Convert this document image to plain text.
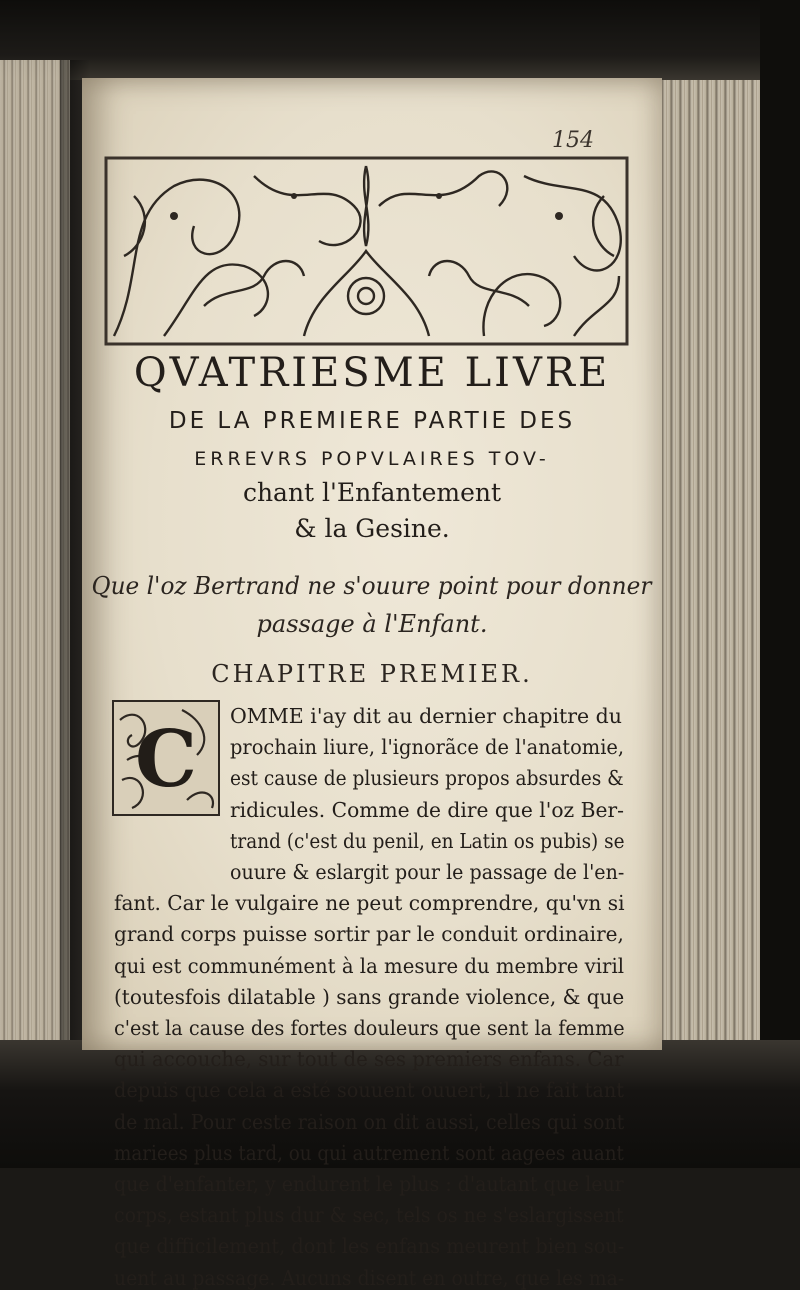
154
QVATRIESME LIVRE
DE LA PREMIERE PARTIE DES
ERREVRS POPVLAIRES TOV-
chant l'Enfantement
& la Gesine.
Que l'oz Bertrand ne s'ouure point pour donner
passage à l'Enfant.
CHAPITRE PREMIER.
C OMME i'ay dit au dernier chapitre du
prochain liure, l'ignorãce de l'anatomie,
est cause de plusieurs propos absurdes &
ridicules. Comme de dire que l'oz Ber-
trand (c'est du penil, en Latin os pubis) se
ouure & eslargit pour le passage de l'en-
fant. Car le vulgaire ne peut comprendre, qu'vn si
grand corps puisse sortir par le conduit ordinaire,
qui est communément à la mesure du membre viril
(toutesfois dilatable ) sans grande violence, & que
c'est la cause des fortes douleurs que sent la femme
qui accouche, sur tout de ses premiers enfans. Car
depuis que cela a esté souuent ouuert, il ne fait tant
de mal. Pour ceste raison on dit aussi, celles qui sont
mariees plus tard, ou qui autrement sont aagees auant
que d'enfanter, y endurent le plus : d'autant que leur
corps, estant plus dur & sec, tels os ne s'eslargissent
que difficilement, dont les enfans meurent bien sou-
uent au passage. Aucuns disent en outre, que les ma-
